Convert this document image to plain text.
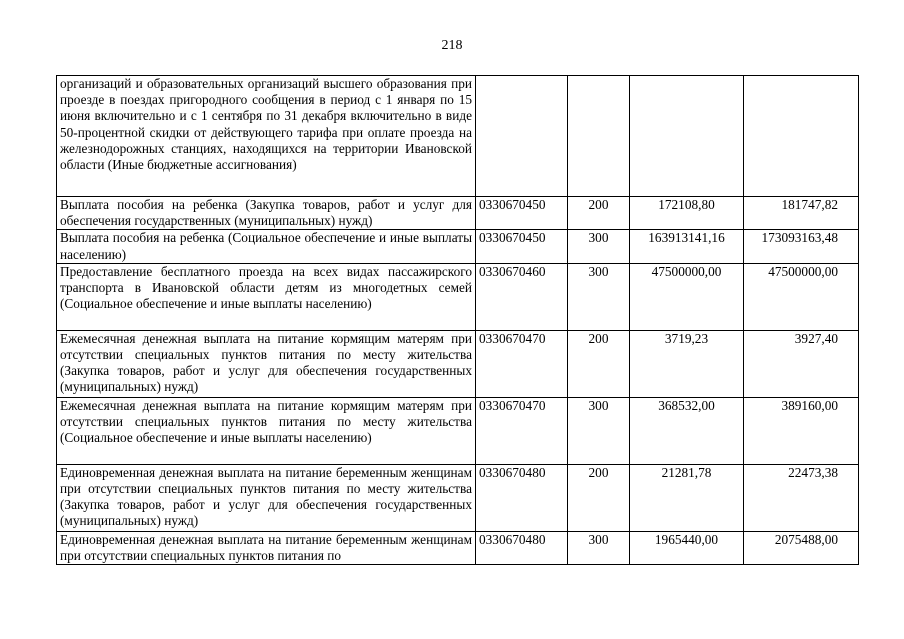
218
организаций и образовательных организаций высшего образования при проезде в поездах пригородного сообщения в период с 1 января по 15 июня включительно и с 1 сентября по 31 декабря включительно в виде 50-процентной скидки от действующего тарифа при оплате проезда на железнодорожных станциях, находящихся на территории Ивановской области (Иные бюджетные ассигнования)				
Выплата пособия на ребенка (Закупка товаров, работ и услуг для обеспечения государственных (муниципальных) нужд)	0330670450	200	172108,80	181747,82
Выплата пособия на ребенка (Социальное обеспечение и иные выплаты населению)	0330670450	300	163913141,16	173093163,48
Предоставление бесплатного проезда на всех видах пассажирского транспорта в Ивановской области детям из многодетных семей (Социальное обеспечение и иные выплаты населению)	0330670460	300	47500000,00	47500000,00
Ежемесячная денежная выплата на питание кормящим матерям при отсутствии специальных пунктов питания по месту жительства (Закупка товаров, работ и услуг для обеспечения государственных (муниципальных) нужд)	0330670470	200	3719,23	3927,40
Ежемесячная денежная выплата на питание кормящим матерям при отсутствии специальных пунктов питания по месту жительства (Социальное обеспечение и иные выплаты населению)	0330670470	300	368532,00	389160,00
Единовременная денежная выплата на питание беременным женщинам при отсутствии специальных пунктов питания по месту жительства (Закупка товаров, работ и услуг для обеспечения государственных (муниципальных) нужд)	0330670480	200	21281,78	22473,38
Единовременная денежная выплата на питание беременным женщинам при отсутствии специальных пунктов питания по	0330670480	300	1965440,00	2075488,00
